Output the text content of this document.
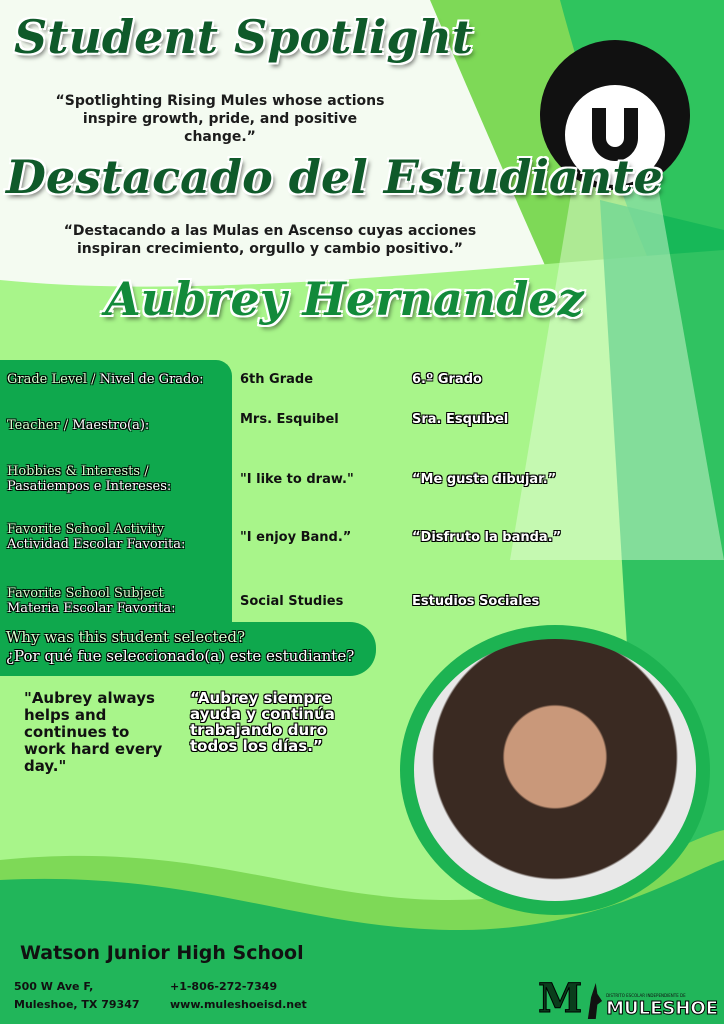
Student Spotlight
“Spotlighting Rising Mules whose actions inspire growth, pride, and positive change.”
Destacado del Estudiante
“Destacando a las Mulas en Ascenso cuyas acciones inspiran crecimiento, orgullo y cambio positivo.”
Aubrey Hernandez
Grade Level / Nivel de Grado:	6th Grade	6.º Grado
Teacher / Maestro(a):	Mrs. Esquibel	Sra. Esquibel
Hobbies & Interests /
Pasatiempos e Intereses:	"I like to draw."	“Me gusta dibujar.”
Favorite School Activity
Actividad Escolar Favorita:	"I enjoy Band.”	“Disfruto la banda.”
Favorite School Subject
Materia Escolar Favorita:	Social Studies	Estudios Sociales
Why was this student selected?
¿Por qué fue seleccionado(a) este estudiante?
"Aubrey always helps and continues to work hard every day."
“Aubrey siempre ayuda y continúa trabajando duro todos los días.”
Watson Junior High School
500 W Ave F,
Muleshoe, TX 79347
+1-806-272-7349
www.muleshoeisd.net	M	DISTRITO ESCOLAR INDEPENDIENTE DE
MULESHOE
